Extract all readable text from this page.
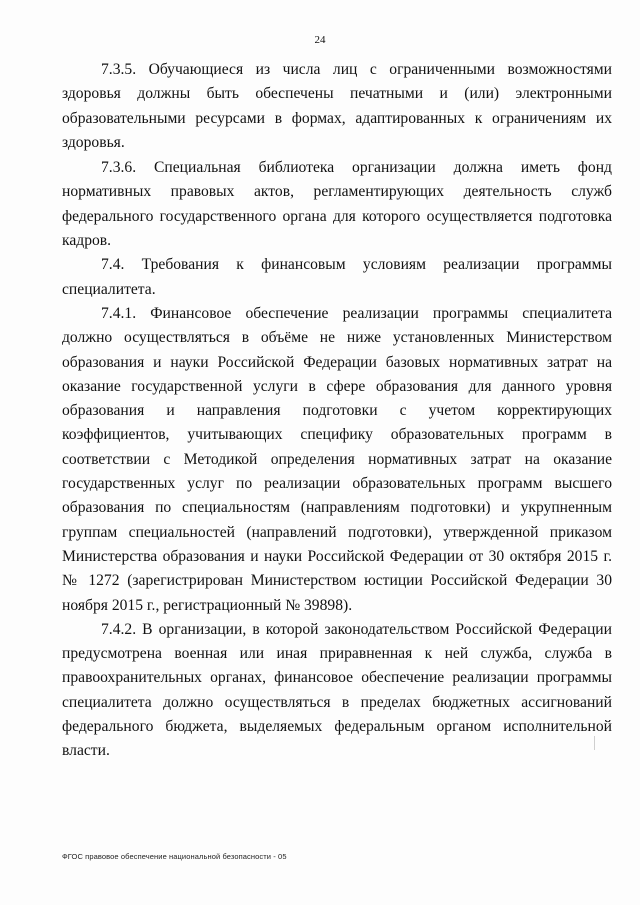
24

7.3.5. Обучающиеся из числа лиц с ограниченными возможностями здоровья должны быть обеспечены печатными и (или) электронными образовательными ресурсами в формах, адаптированных к ограничениям их здоровья.

7.3.6. Специальная библиотека организации должна иметь фонд нормативных правовых актов, регламентирующих деятельность служб федерального государственного органа для которого осуществляется подготовка кадров.

7.4. Требования к финансовым условиям реализации программы специалитета.

7.4.1. Финансовое обеспечение реализации программы специалитета должно осуществляться в объёме не ниже установленных Министерством образования и науки Российской Федерации базовых нормативных затрат на оказание государственной услуги в сфере образования для данного уровня образования и направления подготовки с учетом корректирующих коэффициентов, учитывающих специфику образовательных программ в соответствии с Методикой определения нормативных затрат на оказание государственных услуг по реализации образовательных программ высшего образования по специальностям (направлениям подготовки) и укрупненным группам специальностей (направлений подготовки), утвержденной приказом Министерства образования и науки Российской Федерации от 30 октября 2015 г. № 1272 (зарегистрирован Министерством юстиции Российской Федерации 30 ноября 2015 г., регистрационный № 39898).

7.4.2. В организации, в которой законодательством Российской Федерации предусмотрена военная или иная приравненная к ней служба, служба в правоохранительных органах, финансовое обеспечение реализации программы специалитета должно осуществляться в пределах бюджетных ассигнований федерального бюджета, выделяемых федеральным органом исполнительной власти.

ФГОС правовое обеспечение национальной безопасности - 05
